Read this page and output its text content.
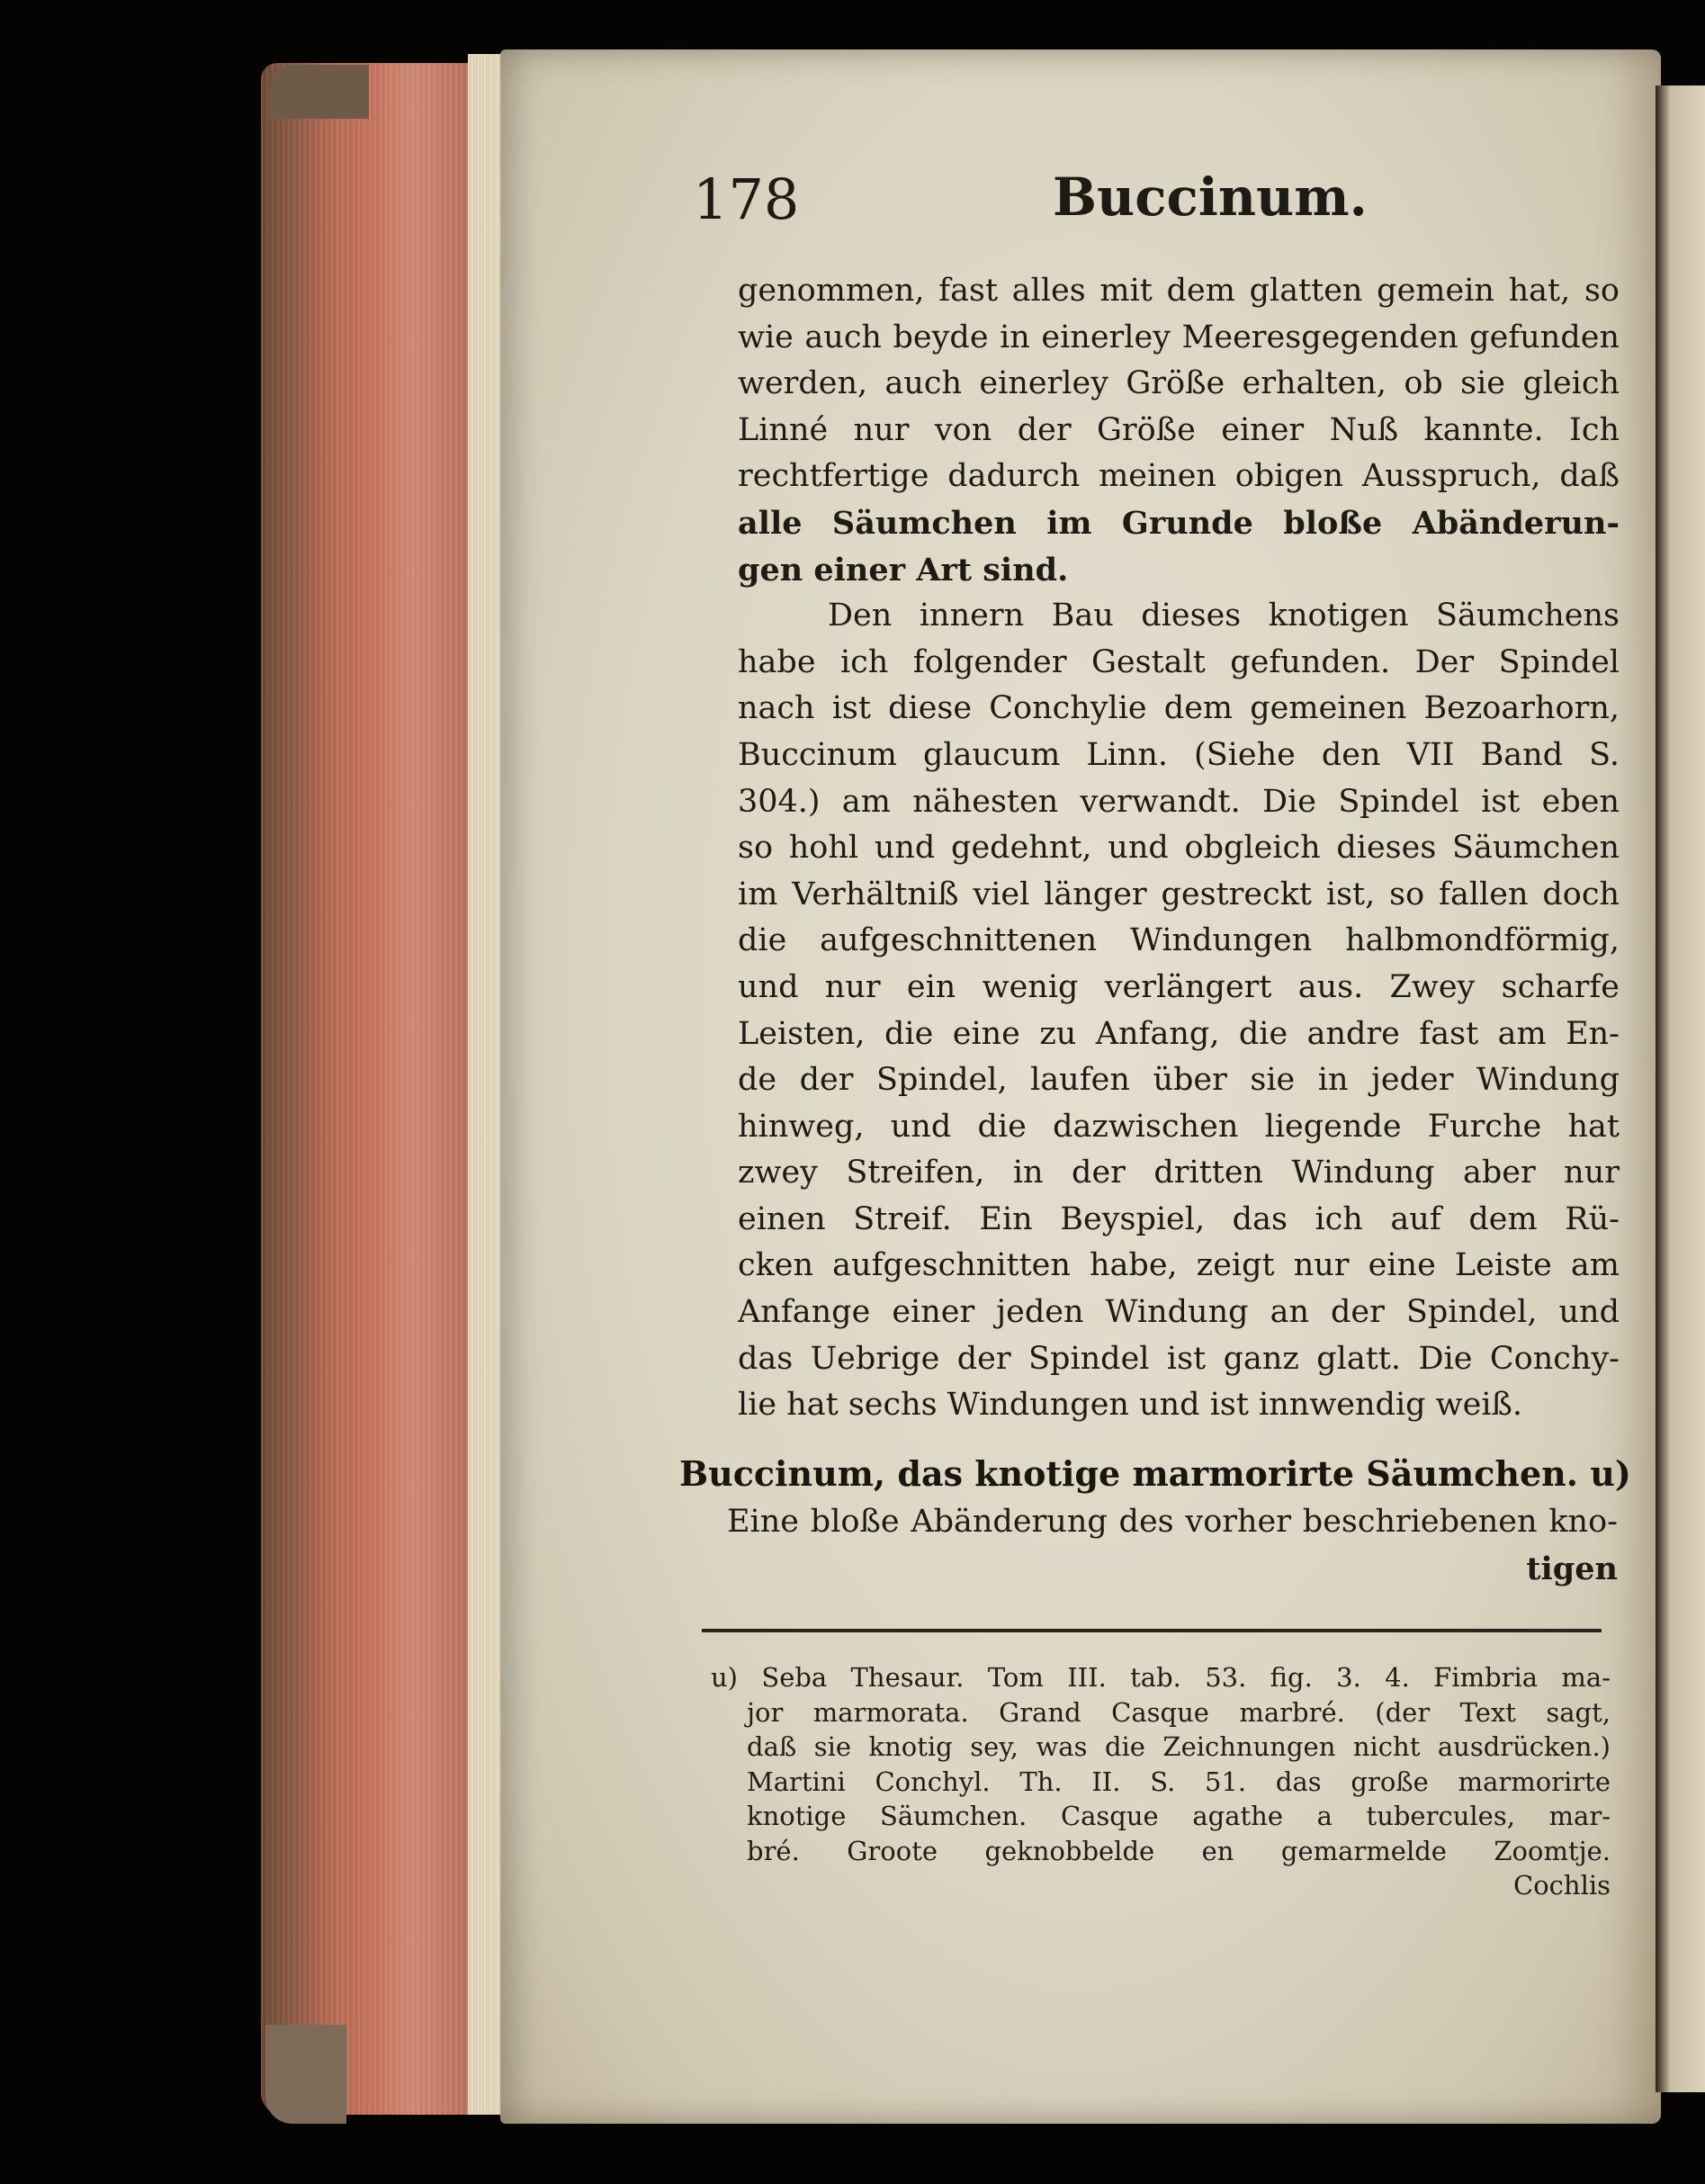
178	Buccinum.
genommen, fast alles mit dem glatten gemein hat, so
wie auch beyde in einerley Meeresgegenden gefunden
werden, auch einerley Größe erhalten, ob sie gleich
Linné nur von der Größe einer Nuß kannte. Ich
rechtfertige dadurch meinen obigen Ausspruch, daß
alle Säumchen im Grunde bloße Abänderun-
gen einer Art sind.
Den innern Bau dieses knotigen Säumchens
habe ich folgender Gestalt gefunden. Der Spindel
nach ist diese Conchylie dem gemeinen Bezoarhorn,
Buccinum glaucum Linn. (Siehe den VII Band S.
304.) am nähesten verwandt. Die Spindel ist eben
so hohl und gedehnt, und obgleich dieses Säumchen
im Verhältniß viel länger gestreckt ist, so fallen doch
die aufgeschnittenen Windungen halbmondförmig,
und nur ein wenig verlängert aus. Zwey scharfe
Leisten, die eine zu Anfang, die andre fast am En-
de der Spindel, laufen über sie in jeder Windung
hinweg, und die dazwischen liegende Furche hat
zwey Streifen, in der dritten Windung aber nur
einen Streif. Ein Beyspiel, das ich auf dem Rü-
cken aufgeschnitten habe, zeigt nur eine Leiste am
Anfange einer jeden Windung an der Spindel, und
das Uebrige der Spindel ist ganz glatt. Die Conchy-
lie hat sechs Windungen und ist innwendig weiß.
Buccinum, das knotige marmorirte Säumchen. u)
Eine bloße Abänderung des vorher beschriebenen kno-
tigen
u) Seba Thesaur. Tom III. tab. 53. fig. 3. 4. Fimbria ma-
jor marmorata. Grand Casque marbré. (der Text sagt,
daß sie knotig sey, was die Zeichnungen nicht ausdrücken.)
Martini Conchyl. Th. II. S. 51. das große marmorirte
knotige Säumchen. Casque agathe a tubercules, mar-
bré. Groote geknobbelde en gemarmelde Zoomtje.
Cochlis
